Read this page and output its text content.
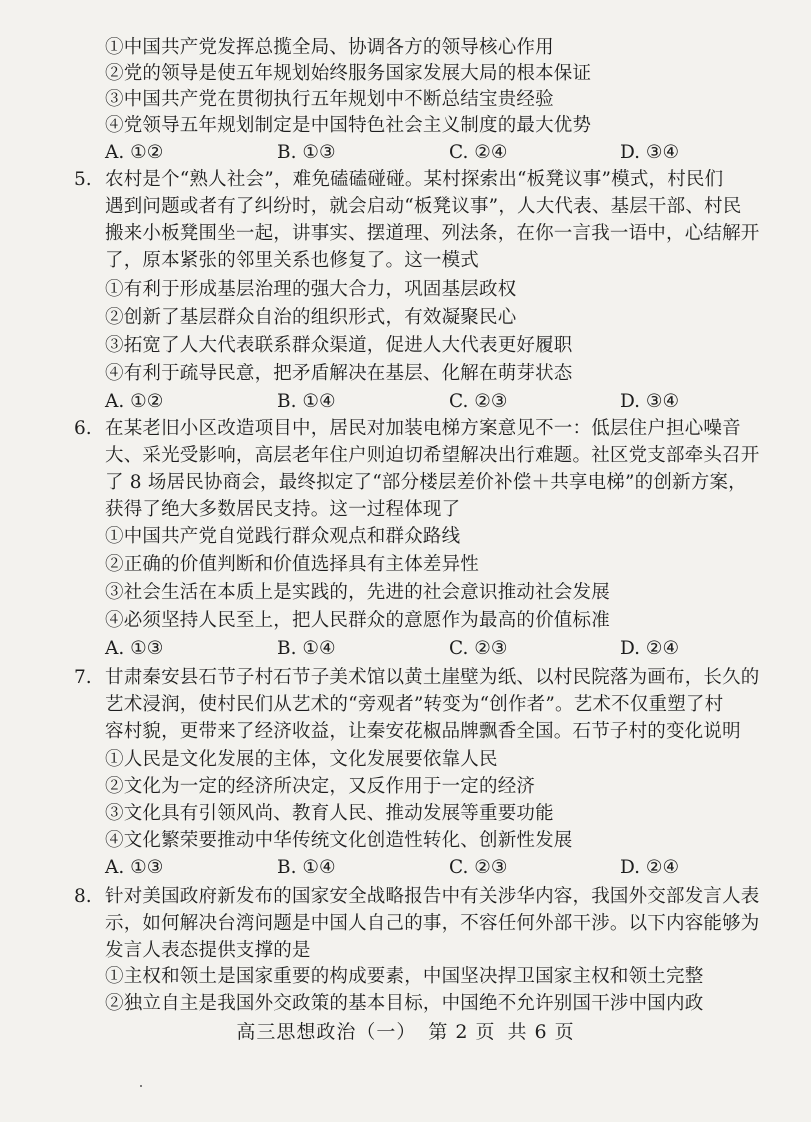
①中国共产党发挥总揽全局、协调各方的领导核心作用
②党的领导是使五年规划始终服务国家发展大局的根本保证
③中国共产党在贯彻执行五年规划中不断总结宝贵经验
④党领导五年规划制定是中国特色社会主义制度的最大优势
A. ①②	B. ①③	C. ②④	D. ③④
5. 农村是个“熟人社会”，难免磕磕碰碰。某村探索出“板凳议事”模式，村民们
遇到问题或者有了纠纷时，就会启动“板凳议事”，人大代表、基层干部、村民
搬来小板凳围坐一起，讲事实、摆道理、列法条，在你一言我一语中，心结解开
了，原本紧张的邻里关系也修复了。这一模式
①有利于形成基层治理的强大合力，巩固基层政权
②创新了基层群众自治的组织形式，有效凝聚民心
③拓宽了人大代表联系群众渠道，促进人大代表更好履职
④有利于疏导民意，把矛盾解决在基层、化解在萌芽状态
A. ①②	B. ①④	C. ②③	D. ③④
6. 在某老旧小区改造项目中，居民对加装电梯方案意见不一：低层住户担心噪音
大、采光受影响，高层老年住户则迫切希望解决出行难题。社区党支部牵头召开
了 8 场居民协商会，最终拟定了“部分楼层差价补偿＋共享电梯”的创新方案，
获得了绝大多数居民支持。这一过程体现了
①中国共产党自觉践行群众观点和群众路线
②正确的价值判断和价值选择具有主体差异性
③社会生活在本质上是实践的，先进的社会意识推动社会发展
④必须坚持人民至上，把人民群众的意愿作为最高的价值标准
A. ①③	B. ①④	C. ②③	D. ②④
7. 甘肃秦安县石节子村石节子美术馆以黄土崖壁为纸、以村民院落为画布，长久的
艺术浸润，使村民们从艺术的“旁观者”转变为“创作者”。艺术不仅重塑了村
容村貌，更带来了经济收益，让秦安花椒品牌飘香全国。石节子村的变化说明
①人民是文化发展的主体，文化发展要依靠人民
②文化为一定的经济所决定，又反作用于一定的经济
③文化具有引领风尚、教育人民、推动发展等重要功能
④文化繁荣要推动中华传统文化创造性转化、创新性发展
A. ①③	B. ①④	C. ②③	D. ②④
8. 针对美国政府新发布的国家安全战略报告中有关涉华内容，我国外交部发言人表
示，如何解决台湾问题是中国人自己的事，不容任何外部干涉。以下内容能够为
发言人表态提供支撑的是
①主权和领土是国家重要的构成要素，中国坚决捍卫国家主权和领土完整
②独立自主是我国外交政策的基本目标，中国绝不允许别国干涉中国内政
高三思想政治（一） 第 2 页 共 6 页
